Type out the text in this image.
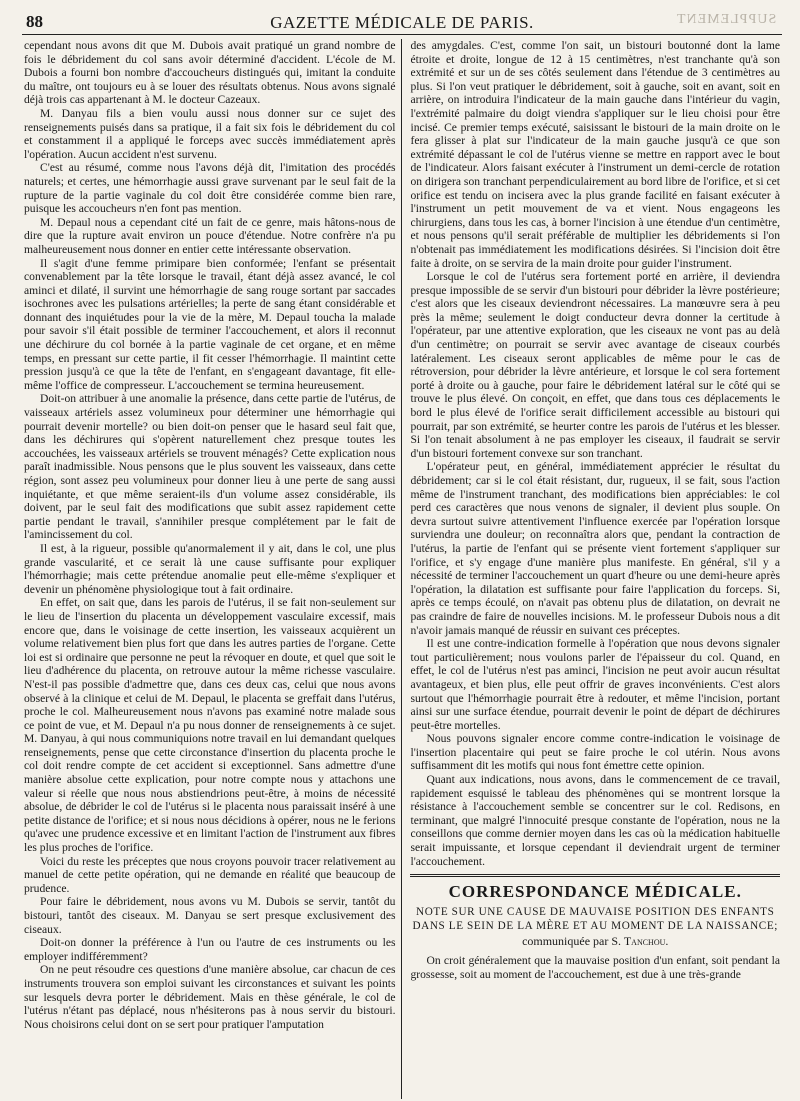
88	GAZETTE MÉDICALE DE PARIS.	SUPPLEMENT

cependant nous avons dit que M. Dubois avait pratiqué un grand nombre de fois le débridement du col sans avoir déterminé d'accident. L'école de M. Dubois a fourni bon nombre d'accoucheurs distingués qui, imitant la conduite du maître, ont toujours eu à se louer des résultats obtenus. Nous avons signalé déjà trois cas appartenant à M. le docteur Cazeaux.

M. Danyau fils a bien voulu aussi nous donner sur ce sujet des renseignements puisés dans sa pratique, il a fait six fois le débridement du col et constamment il a appliqué le forceps avec succès immédiatement après l'opération. Aucun accident n'est survenu.

C'est au résumé, comme nous l'avons déjà dit, l'imitation des procédés naturels; et certes, une hémorrhagie aussi grave survenant par le seul fait de la rupture de la partie vaginale du col doit être considérée comme bien rare, puisque les accoucheurs n'en font pas mention.

M. Depaul nous a cependant cité un fait de ce genre, mais hâtons-nous de dire que la rupture avait environ un pouce d'étendue. Notre confrère n'a pu malheureusement nous donner en entier cette intéressante observation.

Il s'agit d'une femme primipare bien conformée; l'enfant se présentait convenablement par la tête lorsque le travail, étant déjà assez avancé, le col aminci et dilaté, il survint une hémorrhagie de sang rouge sortant par saccades isochrones avec les pulsations artérielles; la perte de sang étant considérable et donnant des inquiétudes pour la vie de la mère, M. Depaul toucha la malade pour savoir s'il était possible de terminer l'accouchement, et alors il reconnut une déchirure du col bornée à la partie vaginale de cet organe, et en même temps, en pressant sur cette partie, il fit cesser l'hémorrhagie. Il maintint cette pression jusqu'à ce que la tête de l'enfant, en s'engageant davantage, fit elle-même l'office de compresseur. L'accouchement se termina heureusement.

Doit-on attribuer à une anomalie la présence, dans cette partie de l'utérus, de vaisseaux artériels assez volumineux pour déterminer une hémorrhagie qui pourrait devenir mortelle? ou bien doit-on penser que le hasard seul fait que, dans les déchirures qui s'opèrent naturellement chez presque toutes les accouchées, les vaisseaux artériels se trouvent ménagés? Cette explication nous paraît inadmissible. Nous pensons que le plus souvent les vaisseaux, dans cette région, sont assez peu volumineux pour donner lieu à une perte de sang aussi inquiétante, et que même seraient-ils d'un volume assez considérable, ils doivent, par le seul fait des modifications que subit assez rapidement cette partie pendant le travail, s'annihiler presque complétement par le fait de l'amincissement du col.

Il est, à la rigueur, possible qu'anormalement il y ait, dans le col, une plus grande vascularité, et ce serait là une cause suffisante pour expliquer l'hémorrhagie; mais cette prétendue anomalie peut elle-même s'expliquer et devenir un phénomène physiologique tout à fait ordinaire.

En effet, on sait que, dans les parois de l'utérus, il se fait non-seulement sur le lieu de l'insertion du placenta un développement vasculaire excessif, mais encore que, dans le voisinage de cette insertion, les vaisseaux acquièrent un volume relativement bien plus fort que dans les autres parties de l'organe. Cette loi est si ordinaire que personne ne peut la révoquer en doute, et quel que soit le lieu d'adhérence du placenta, on retrouve autour la même richesse vasculaire. N'est-il pas possible d'admettre que, dans ces deux cas, celui que nous avons observé à la clinique et celui de M. Depaul, le placenta se greffait dans l'utérus, proche le col. Malheureusement nous n'avons pas examiné notre malade sous ce point de vue, et M. Depaul n'a pu nous donner de renseignements à ce sujet. M. Danyau, à qui nous communiquions notre travail en lui demandant quelques renseignements, pense que cette circonstance d'insertion du placenta proche le col doit rendre compte de cet accident si exceptionnel. Sans admettre d'une manière absolue cette explication, pour notre compte nous y attachons une valeur si réelle que nous nous abstiendrions peut-être, à moins de nécessité absolue, de débrider le col de l'utérus si le placenta nous paraissait inséré à une petite distance de l'orifice; et si nous nous décidions à opérer, nous ne le ferions qu'avec une prudence excessive et en limitant l'action de l'instrument aux fibres les plus proches de l'orifice.

Voici du reste les préceptes que nous croyons pouvoir tracer relativement au manuel de cette petite opération, qui ne demande en réalité que beaucoup de prudence.

Pour faire le débridement, nous avons vu M. Dubois se servir, tantôt du bistouri, tantôt des ciseaux. M. Danyau se sert presque exclusivement des ciseaux.

Doit-on donner la préférence à l'un ou l'autre de ces instruments ou les employer indifféremment?

On ne peut résoudre ces questions d'une manière absolue, car chacun de ces instruments trouvera son emploi suivant les circonstances et suivant les points sur lesquels devra porter le débridement. Mais en thèse générale, le col de l'utérus n'étant pas déplacé, nous n'hésiterons pas à nous servir du bistouri. Nous choisirons celui dont on se sert pour pratiquer l'amputation

des amygdales. C'est, comme l'on sait, un bistouri boutonné dont la lame étroite et droite, longue de 12 à 15 centimètres, n'est tranchante qu'à son extrémité et sur un de ses côtés seulement dans l'étendue de 3 centimètres au plus. Si l'on veut pratiquer le débridement, soit à gauche, soit en avant, soit en arrière, on introduira l'indicateur de la main gauche dans l'intérieur du vagin, l'extrémité palmaire du doigt viendra s'appliquer sur le lieu choisi pour être incisé. Ce premier temps exécuté, saisissant le bistouri de la main droite on le fera glisser à plat sur l'indicateur de la main gauche jusqu'à ce que son extrémité dépassant le col de l'utérus vienne se mettre en rapport avec le bout de l'indicateur. Alors faisant exécuter à l'instrument un demi-cercle de rotation on dirigera son tranchant perpendiculairement au bord libre de l'orifice, et si cet orifice est tendu on incisera avec la plus grande facilité en faisant exécuter à l'instrument un petit mouvement de va et vient. Nous engageons les chirurgiens, dans tous les cas, à borner l'incision à une étendue d'un centimètre, et nous pensons qu'il serait préférable de multiplier les débridements si l'on n'obtenait pas immédiatement les modifications désirées. Si l'incision doit être faite à droite, on se servira de la main droite pour guider l'instrument.

Lorsque le col de l'utérus sera fortement porté en arrière, il deviendra presque impossible de se servir d'un bistouri pour débrider la lèvre postérieure; c'est alors que les ciseaux deviendront nécessaires. La manœuvre sera à peu près la même; seulement le doigt conducteur devra donner la certitude à l'opérateur, par une attentive exploration, que les ciseaux ne vont pas au delà d'un centimètre; on pourrait se servir avec avantage de ciseaux courbés latéralement. Les ciseaux seront applicables de même pour le cas de rétroversion, pour débrider la lèvre antérieure, et lorsque le col sera fortement porté à droite ou à gauche, pour faire le débridement latéral sur le côté qui se trouve le plus élevé. On conçoit, en effet, que dans tous ces déplacements le bord le plus élevé de l'orifice serait difficilement accessible au bistouri qui pourrait, par son extrémité, se heurter contre les parois de l'utérus et les blesser. Si l'on tenait absolument à ne pas employer les ciseaux, il faudrait se servir d'un bistouri fortement convexe sur son tranchant.

L'opérateur peut, en général, immédiatement apprécier le résultat du débridement; car si le col était résistant, dur, rugueux, il se fait, sous l'action même de l'instrument tranchant, des modifications bien appréciables: le col perd ces caractères que nous venons de signaler, il devient plus souple. On devra surtout suivre attentivement l'influence exercée par l'opération lorsque surviendra une douleur; on reconnaîtra alors que, pendant la contraction de l'utérus, la partie de l'enfant qui se présente vient fortement s'appliquer sur l'orifice, et s'y engage d'une manière plus manifeste. En général, s'il y a nécessité de terminer l'accouchement un quart d'heure ou une demi-heure après l'opération, la dilatation est suffisante pour faire l'application du forceps. Si, après ce temps écoulé, on n'avait pas obtenu plus de dilatation, on devrait ne pas craindre de faire de nouvelles incisions. M. le professeur Dubois nous a dit n'avoir jamais manqué de réussir en suivant ces préceptes.

Il est une contre-indication formelle à l'opération que nous devons signaler tout particulièrement; nous voulons parler de l'épaisseur du col. Quand, en effet, le col de l'utérus n'est pas aminci, l'incision ne peut avoir aucun résultat avantageux, et bien plus, elle peut offrir de graves inconvénients. C'est alors surtout que l'hémorrhagie pourrait être à redouter, et même l'incision, portant ainsi sur une surface étendue, pourrait devenir le point de départ de déchirures peut-être mortelles.

Nous pouvons signaler encore comme contre-indication le voisinage de l'insertion placentaire qui peut se faire proche le col utérin. Nous avons suffisamment dit les motifs qui nous font émettre cette opinion.

Quant aux indications, nous avons, dans le commencement de ce travail, rapidement esquissé le tableau des phénomènes qui se montrent lorsque la résistance à l'accouchement semble se concentrer sur le col. Redisons, en terminant, que malgré l'innocuité presque constante de l'opération, nous ne la conseillons que comme dernier moyen dans les cas où la médication habituelle serait impuissante, et lorsque cependant il deviendrait urgent de terminer l'accouchement.

CORRESPONDANCE MÉDICALE.
NOTE SUR UNE CAUSE DE MAUVAISE POSITION DES ENFANTS DANS LE SEIN DE LA MÈRE ET AU MOMENT DE LA NAISSANCE;
communiquée par S. Tanchou.

On croit généralement que la mauvaise position d'un enfant, soit pendant la grossesse, soit au moment de l'accouchement, est due à une très-grande
